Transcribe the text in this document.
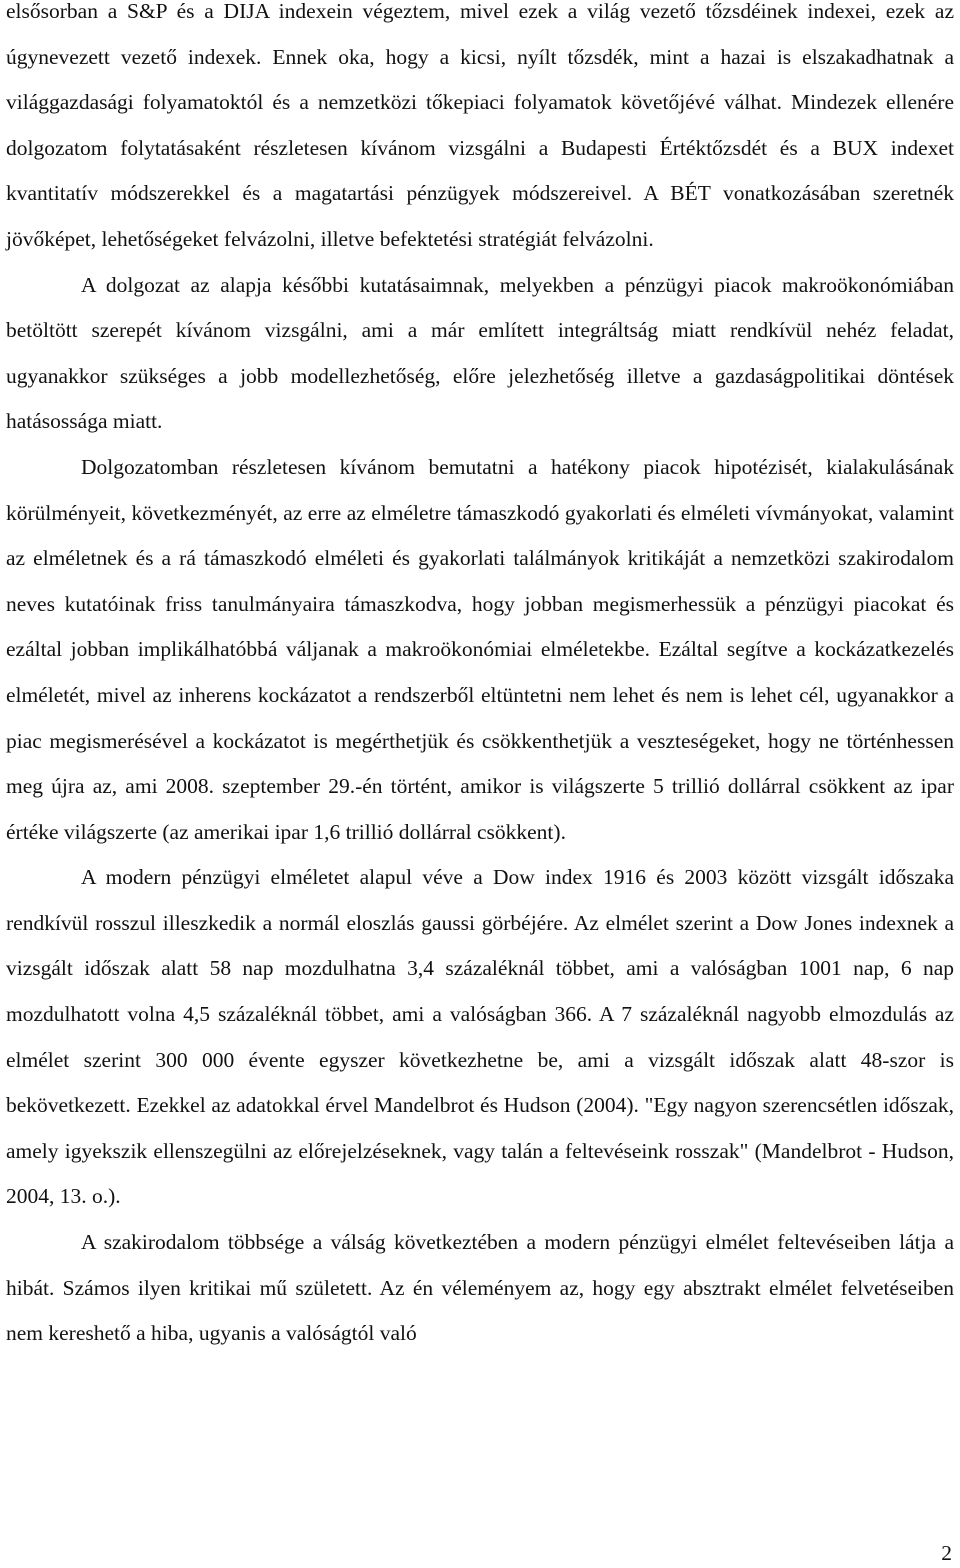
elsősorban a S&P és a DIJA indexein végeztem, mivel ezek a világ vezető tőzsdéinek indexei, ezek az úgynevezett vezető indexek. Ennek oka, hogy a kicsi, nyílt tőzsdék, mint a hazai is elszakadhatnak a világgazdasági folyamatoktól és a nemzetközi tőkepiaci folyamatok követőjévé válhat. Mindezek ellenére dolgozatom folytatásaként részletesen kívánom vizsgálni a Budapesti Értéktőzsdét és a BUX indexet kvantitatív módszerekkel és a magatartási pénzügyek módszereivel. A BÉT vonatkozásában szeretnék jövőképet, lehetőségeket felvázolni, illetve befektetési stratégiát felvázolni.

A dolgozat az alapja későbbi kutatásaimnak, melyekben a pénzügyi piacok makroökonómiában betöltött szerepét kívánom vizsgálni, ami a már említett integráltság miatt rendkívül nehéz feladat, ugyanakkor szükséges a jobb modellezhetőség, előre jelezhetőség illetve a gazdaságpolitikai döntések hatásossága miatt.

Dolgozatomban részletesen kívánom bemutatni a hatékony piacok hipotézisét, kialakulásának körülményeit, következményét, az erre az elméletre támaszkodó gyakorlati és elméleti vívmányokat, valamint az elméletnek és a rá támaszkodó elméleti és gyakorlati találmányok kritikáját a nemzetközi szakirodalom neves kutatóinak friss tanulmányaira támaszkodva, hogy jobban megismerhessük a pénzügyi piacokat és ezáltal jobban implikálhatóbbá váljanak a makroökonómiai elméletekbe. Ezáltal segítve a kockázatkezelés elméletét, mivel az inherens kockázatot a rendszerből eltüntetni nem lehet és nem is lehet cél, ugyanakkor a piac megismerésével a kockázatot is megérthetjük és csökkenthetjük a veszteségeket, hogy ne történhessen meg újra az, ami 2008. szeptember 29.-én történt, amikor is világszerte 5 trillió dollárral csökkent az ipar értéke világszerte (az amerikai ipar 1,6 trillió dollárral csökkent).

A modern pénzügyi elméletet alapul véve a Dow index 1916 és 2003 között vizsgált időszaka rendkívül rosszul illeszkedik a normál eloszlás gaussi görbéjére. Az elmélet szerint a Dow Jones indexnek a vizsgált időszak alatt 58 nap mozdulhatna 3,4 százaléknál többet, ami a valóságban 1001 nap, 6 nap mozdulhatott volna 4,5 százaléknál többet, ami a valóságban 366. A 7 százaléknál nagyobb elmozdulás az elmélet szerint 300 000 évente egyszer következhetne be, ami a vizsgált időszak alatt 48-szor is bekövetkezett. Ezekkel az adatokkal érvel Mandelbrot és Hudson (2004). "Egy nagyon szerencsétlen időszak, amely igyekszik ellenszegülni az előrejelzéseknek, vagy talán a feltevéseink rosszak" (Mandelbrot - Hudson, 2004, 13. o.).

A szakirodalom többsége a válság következtében a modern pénzügyi elmélet feltevéseiben látja a hibát. Számos ilyen kritikai mű született. Az én véleményem az, hogy egy absztrakt elmélet felvetéseiben nem kereshető a hiba, ugyanis a valóságtól való

2
